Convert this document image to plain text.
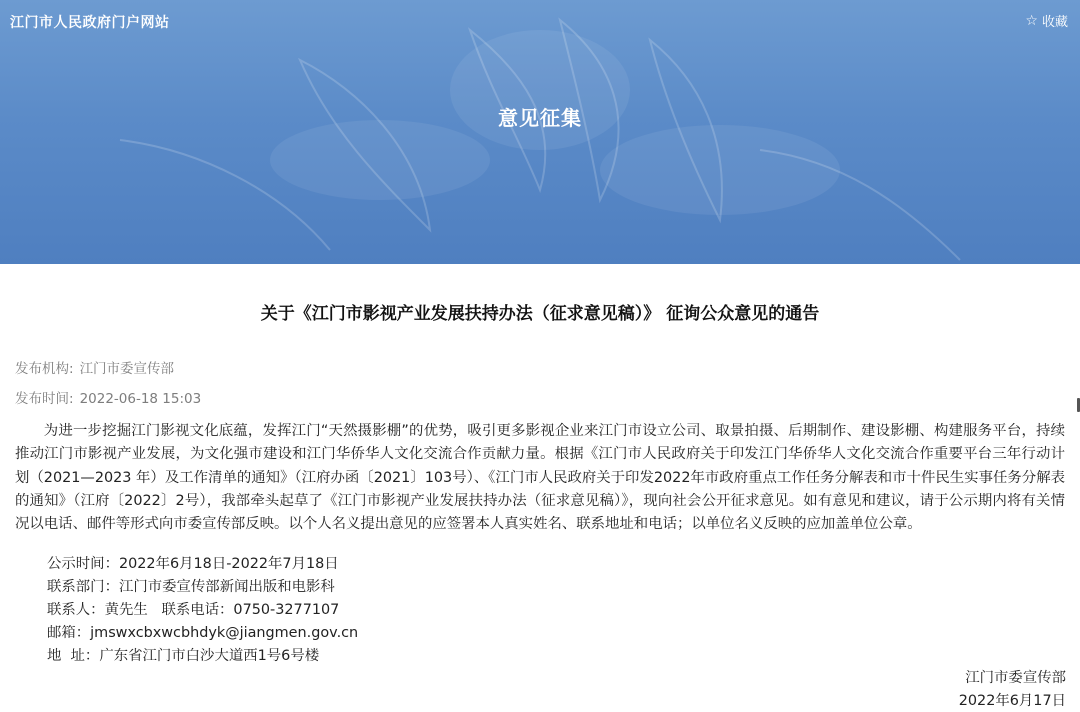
江门市人民政府门户网站	☆ 收藏
意见征集
关于《江门市影视产业发展扶持办法（征求意见稿）》 征询公众意见的通告
发布机构: 江门市委宣传部
发布时间: 2022-06-18 15:03

为进一步挖掘江门影视文化底蕴，发挥江门“天然摄影棚”的优势，吸引更多影视企业来江门市设立公司、取景拍摄、后期制作、建设影棚、构建服务平台，持续推动江门市影视产业发展，为文化强市建设和江门华侨华人文化交流合作贡献力量。根据《江门市人民政府关于印发江门华侨华人文化交流合作重要平台三年行动计划（2021—2023 年）及工作清单的通知》（江府办函〔2021〕103号）、《江门市人民政府关于印发2022年市政府重点工作任务分解表和市十件民生实事任务分解表的通知》（江府〔2022〕2号），我部牵头起草了《江门市影视产业发展扶持办法（征求意见稿）》，现向社会公开征求意见。如有意见和建议，请于公示期内将有关情况以电话、邮件等形式向市委宣传部反映。以个人名义提出意见的应签署本人真实姓名、联系地址和电话；以单位名义反映的应加盖单位公章。

公示时间：2022年6月18日-2022年7月18日
联系部门：江门市委宣传部新闻出版和电影科
联系人：黄先生   联系电话：0750-3277107
邮箱：jmswxcbxwcbhdyk@jiangmen.gov.cn
地  址：广东省江门市白沙大道西1号6号楼
江门市委宣传部
2022年6月17日
